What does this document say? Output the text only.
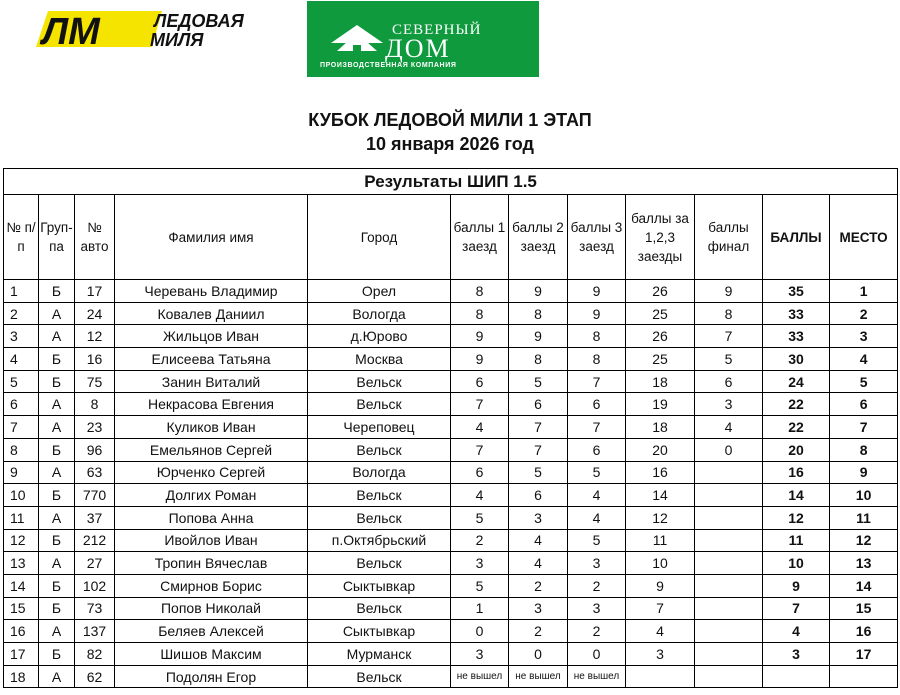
ЛМ	ЛЕДОВАЯ
МИЛЯ	СЕВЕРНЫЙ
ДОМ
ПРОИЗВОДСТВЕННАЯ КОМПАНИЯ
КУБОК ЛЕДОВОЙ МИЛИ 1 ЭТАП
10 января 2026 год
Результаты ШИП 1.5											
№ п/п	Группа	№ авто	Фамилия имя	Город	баллы 1 заезд	баллы 2 заезд	баллы 3 заезд	баллы за 1,2,3 заезды	баллы финал	БАЛЛЫ	МЕСТО
1	Б	17	Черевань Владимир	Орел	8	9	9	26	9	35	1
2	А	24	Ковалев Даниил	Вологда	8	8	9	25	8	33	2
3	А	12	Жильцов Иван	д.Юрово	9	9	8	26	7	33	3
4	Б	16	Елисеева Татьяна	Москва	9	8	8	25	5	30	4
5	Б	75	Занин Виталий	Вельск	6	5	7	18	6	24	5
6	А	8	Некрасова Евгения	Вельск	7	6	6	19	3	22	6
7	А	23	Куликов Иван	Череповец	4	7	7	18	4	22	7
8	Б	96	Емельянов Сергей	Вельск	7	7	6	20	0	20	8
9	А	63	Юрченко Сергей	Вологда	6	5	5	16		16	9
10	Б	770	Долгих Роман	Вельск	4	6	4	14		14	10
11	А	37	Попова Анна	Вельск	5	3	4	12		12	11
12	Б	212	Ивойлов Иван	п.Октябрьский	2	4	5	11		11	12
13	А	27	Тропин Вячеслав	Вельск	3	4	3	10		10	13
14	Б	102	Смирнов Борис	Сыктывкар	5	2	2	9		9	14
15	Б	73	Попов Николай	Вельск	1	3	3	7		7	15
16	А	137	Беляев Алексей	Сыктывкар	0	2	2	4		4	16
17	Б	82	Шишов Максим	Мурманск	3	0	0	3		3	17
18	А	62	Подолян Егор	Вельск	не вышел	не вышел	не вышел				
